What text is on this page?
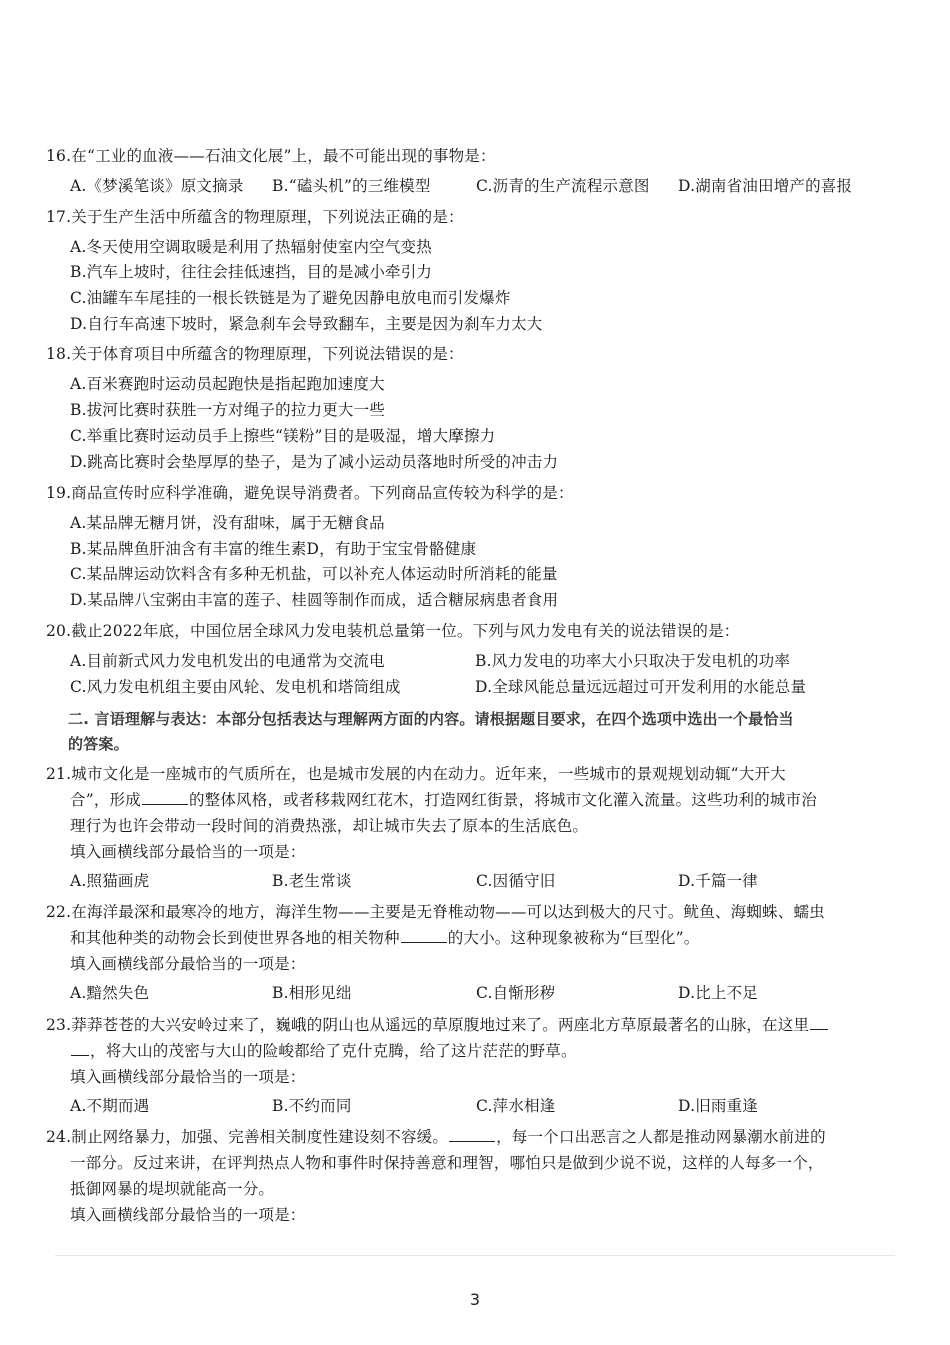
16.在“工业的血液——石油文化展”上，最不可能出现的事物是：
A.《梦溪笔谈》原文摘录 B.“磕头机”的三维模型	C.沥青的生产流程示意图 D.湖南省油田增产的喜报
17.关于生产生活中所蕴含的物理原理，下列说法正确的是：
A.冬天使用空调取暖是利用了热辐射使室内空气变热
B.汽车上坡时，往往会挂低速挡，目的是减小牵引力
C.油罐车车尾挂的一根长铁链是为了避免因静电放电而引发爆炸
D.自行车高速下坡时，紧急刹车会导致翻车，主要是因为刹车力太大
18.关于体育项目中所蕴含的物理原理，下列说法错误的是：
A.百米赛跑时运动员起跑快是指起跑加速度大
B.拔河比赛时获胜一方对绳子的拉力更大一些
C.举重比赛时运动员手上擦些“镁粉”目的是吸湿，增大摩擦力
D.跳高比赛时会垫厚厚的垫子，是为了减小运动员落地时所受的冲击力
19.商品宣传时应科学准确，避免误导消费者。下列商品宣传较为科学的是：
A.某品牌无糖月饼，没有甜味，属于无糖食品
B.某品牌鱼肝油含有丰富的维生素D，有助于宝宝骨骼健康
C.某品牌运动饮料含有多种无机盐，可以补充人体运动时所消耗的能量
D.某品牌八宝粥由丰富的莲子、桂圆等制作而成，适合糖尿病患者食用
20.截止2022年底，中国位居全球风力发电装机总量第一位。下列与风力发电有关的说法错误的是：
A.目前新式风力发电机发出的电通常为交流电	B.风力发电的功率大小只取决于发电机的功率
C.风力发电机组主要由风轮、发电机和塔筒组成	D.全球风能总量远远超过可开发利用的水能总量
二. 言语理解与表达：本部分包括表达与理解两方面的内容。请根据题目要求，在四个选项中选出一个最恰当
的答案。
21.城市文化是一座城市的气质所在，也是城市发展的内在动力。近年来，一些城市的景观规划动辄“大开大
合”，形成	的整体风格，或者移栽网红花木，打造网红街景，将城市文化灌入流量。这些功利的城市治
理行为也许会带动一段时间的消费热涨，却让城市失去了原本的生活底色。
填入画横线部分最恰当的一项是：
A.照猫画虎	B.老生常谈	C.因循守旧	D.千篇一律
22.在海洋最深和最寒冷的地方，海洋生物——主要是无脊椎动物——可以达到极大的尺寸。鱿鱼、海蜘蛛、蠕虫
和其他种类的动物会长到使世界各地的相关物种	的大小。这种现象被称为“巨型化”。
填入画横线部分最恰当的一项是：
A.黯然失色	B.相形见绌	C.自惭形秽	D.比上不足
23.莽莽苍苍的大兴安岭过来了，巍峨的阴山也从遥远的草原腹地过来了。两座北方草原最著名的山脉，在这里
，将大山的茂密与大山的险峻都给了克什克腾，给了这片茫茫的野草。
填入画横线部分最恰当的一项是：
A.不期而遇	B.不约而同	C.萍水相逢	D.旧雨重逢
24.制止网络暴力，加强、完善相关制度性建设刻不容缓。	，每一个口出恶言之人都是推动网暴潮水前进的
一部分。反过来讲，在评判热点人物和事件时保持善意和理智，哪怕只是做到少说不说，这样的人每多一个，
抵御网暴的堤坝就能高一分。
填入画横线部分最恰当的一项是：
3
